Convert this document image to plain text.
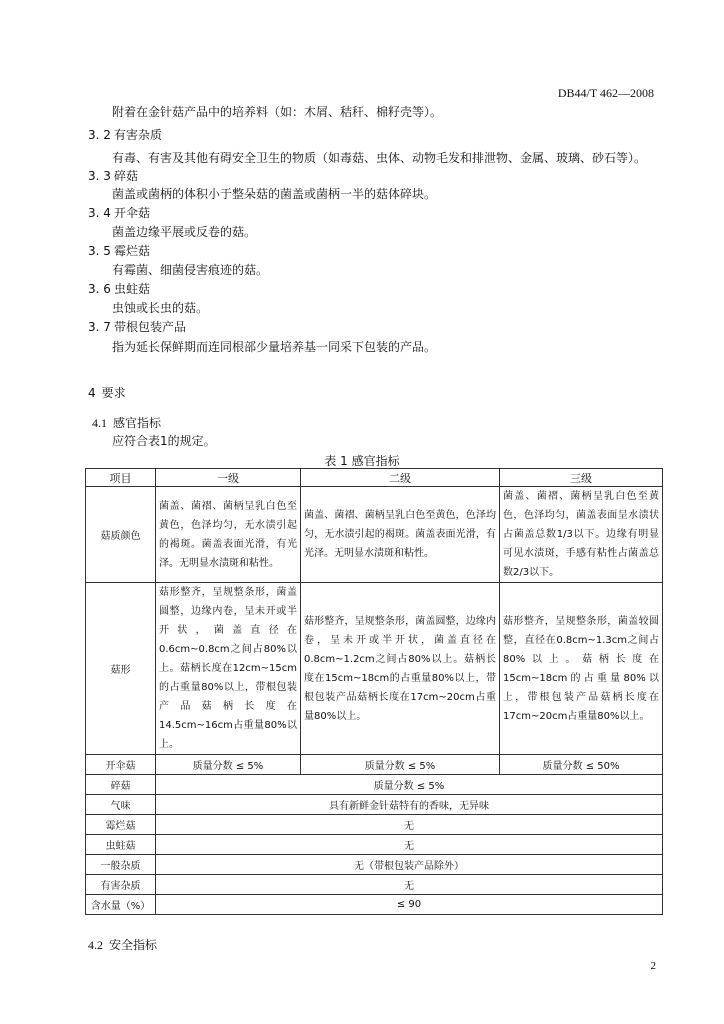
DB44/T 462—2008
附着在金针菇产品中的培养料（如：木屑、秸秆、棉籽壳等）。
3. 2 有害杂质
有毒、有害及其他有碍安全卫生的物质（如毒菇、虫体、动物毛发和排泄物、金属、玻璃、砂石等）。
3. 3 碎菇
菌盖或菌柄的体积小于整朵菇的菌盖或菌柄一半的菇体碎块。
3. 4 开伞菇
菌盖边缘平展或反卷的菇。
3. 5 霉烂菇
有霉菌、细菌侵害痕迹的菇。
3. 6 虫蛀菇
虫蚀或长虫的菇。
3. 7 带根包装产品
指为延长保鲜期而连同根部少量培养基一同采下包装的产品。
4 要求
4.1 感官指标
应符合表1的规定。
表 1 感官指标
项目	一级	二级	三级
菇质颜色	菌盖、菌褶、菌柄呈乳白色至黄色，色泽均匀，无水渍引起的褐斑。菌盖表面光滑，有光泽。无明显水渍斑和粘性。	菌盖、菌褶、菌柄呈乳白色至黄色，色泽均匀，无水渍引起的褐斑。菌盖表面光滑，有光泽。无明显水渍斑和粘性。	菌盖、菌褶、菌柄呈乳白色至黄色，色泽均匀，菌盖表面呈水渍状占菌盖总数1/3以下。边缘有明显可见水渍斑，手感有粘性占菌盖总数2/3以下。
菇形	菇形整齐，呈规整条形，菌盖圆整，边缘内卷，呈未开或半开状，菌盖直径在0.6cm~0.8cm之间占80%以上。菇柄长度在12cm~15cm的占重量80%以上，带根包装产品菇柄长度在14.5cm~16cm占重量80%以上。	菇形整齐，呈规整条形，菌盖圆整，边缘内卷，呈未开或半开状，菌盖直径在0.8cm~1.2cm之间占80%以上。菇柄长度在15cm~18cm的占重量80%以上，带根包装产品菇柄长度在17cm~20cm占重量80%以上。	菇形整齐，呈规整条形，菌盖较圆整，直径在0.8cm~1.3cm之间占80%以上。菇柄长度在15cm~18cm的占重量80%以上，带根包装产品菇柄长度在17cm~20cm占重量80%以上。
开伞菇	质量分数 ≤ 5%	质量分数 ≤ 5%	质量分数 ≤ 50%
碎菇	质量分数 ≤ 5%		
气味	具有新鲜金针菇特有的香味，无异味		
霉烂菇	无		
虫蛀菇	无		
一般杂质	无（带根包装产品除外）		
有害杂质	无		
含水量（%）	≤ 90		
4.2 安全指标
2
